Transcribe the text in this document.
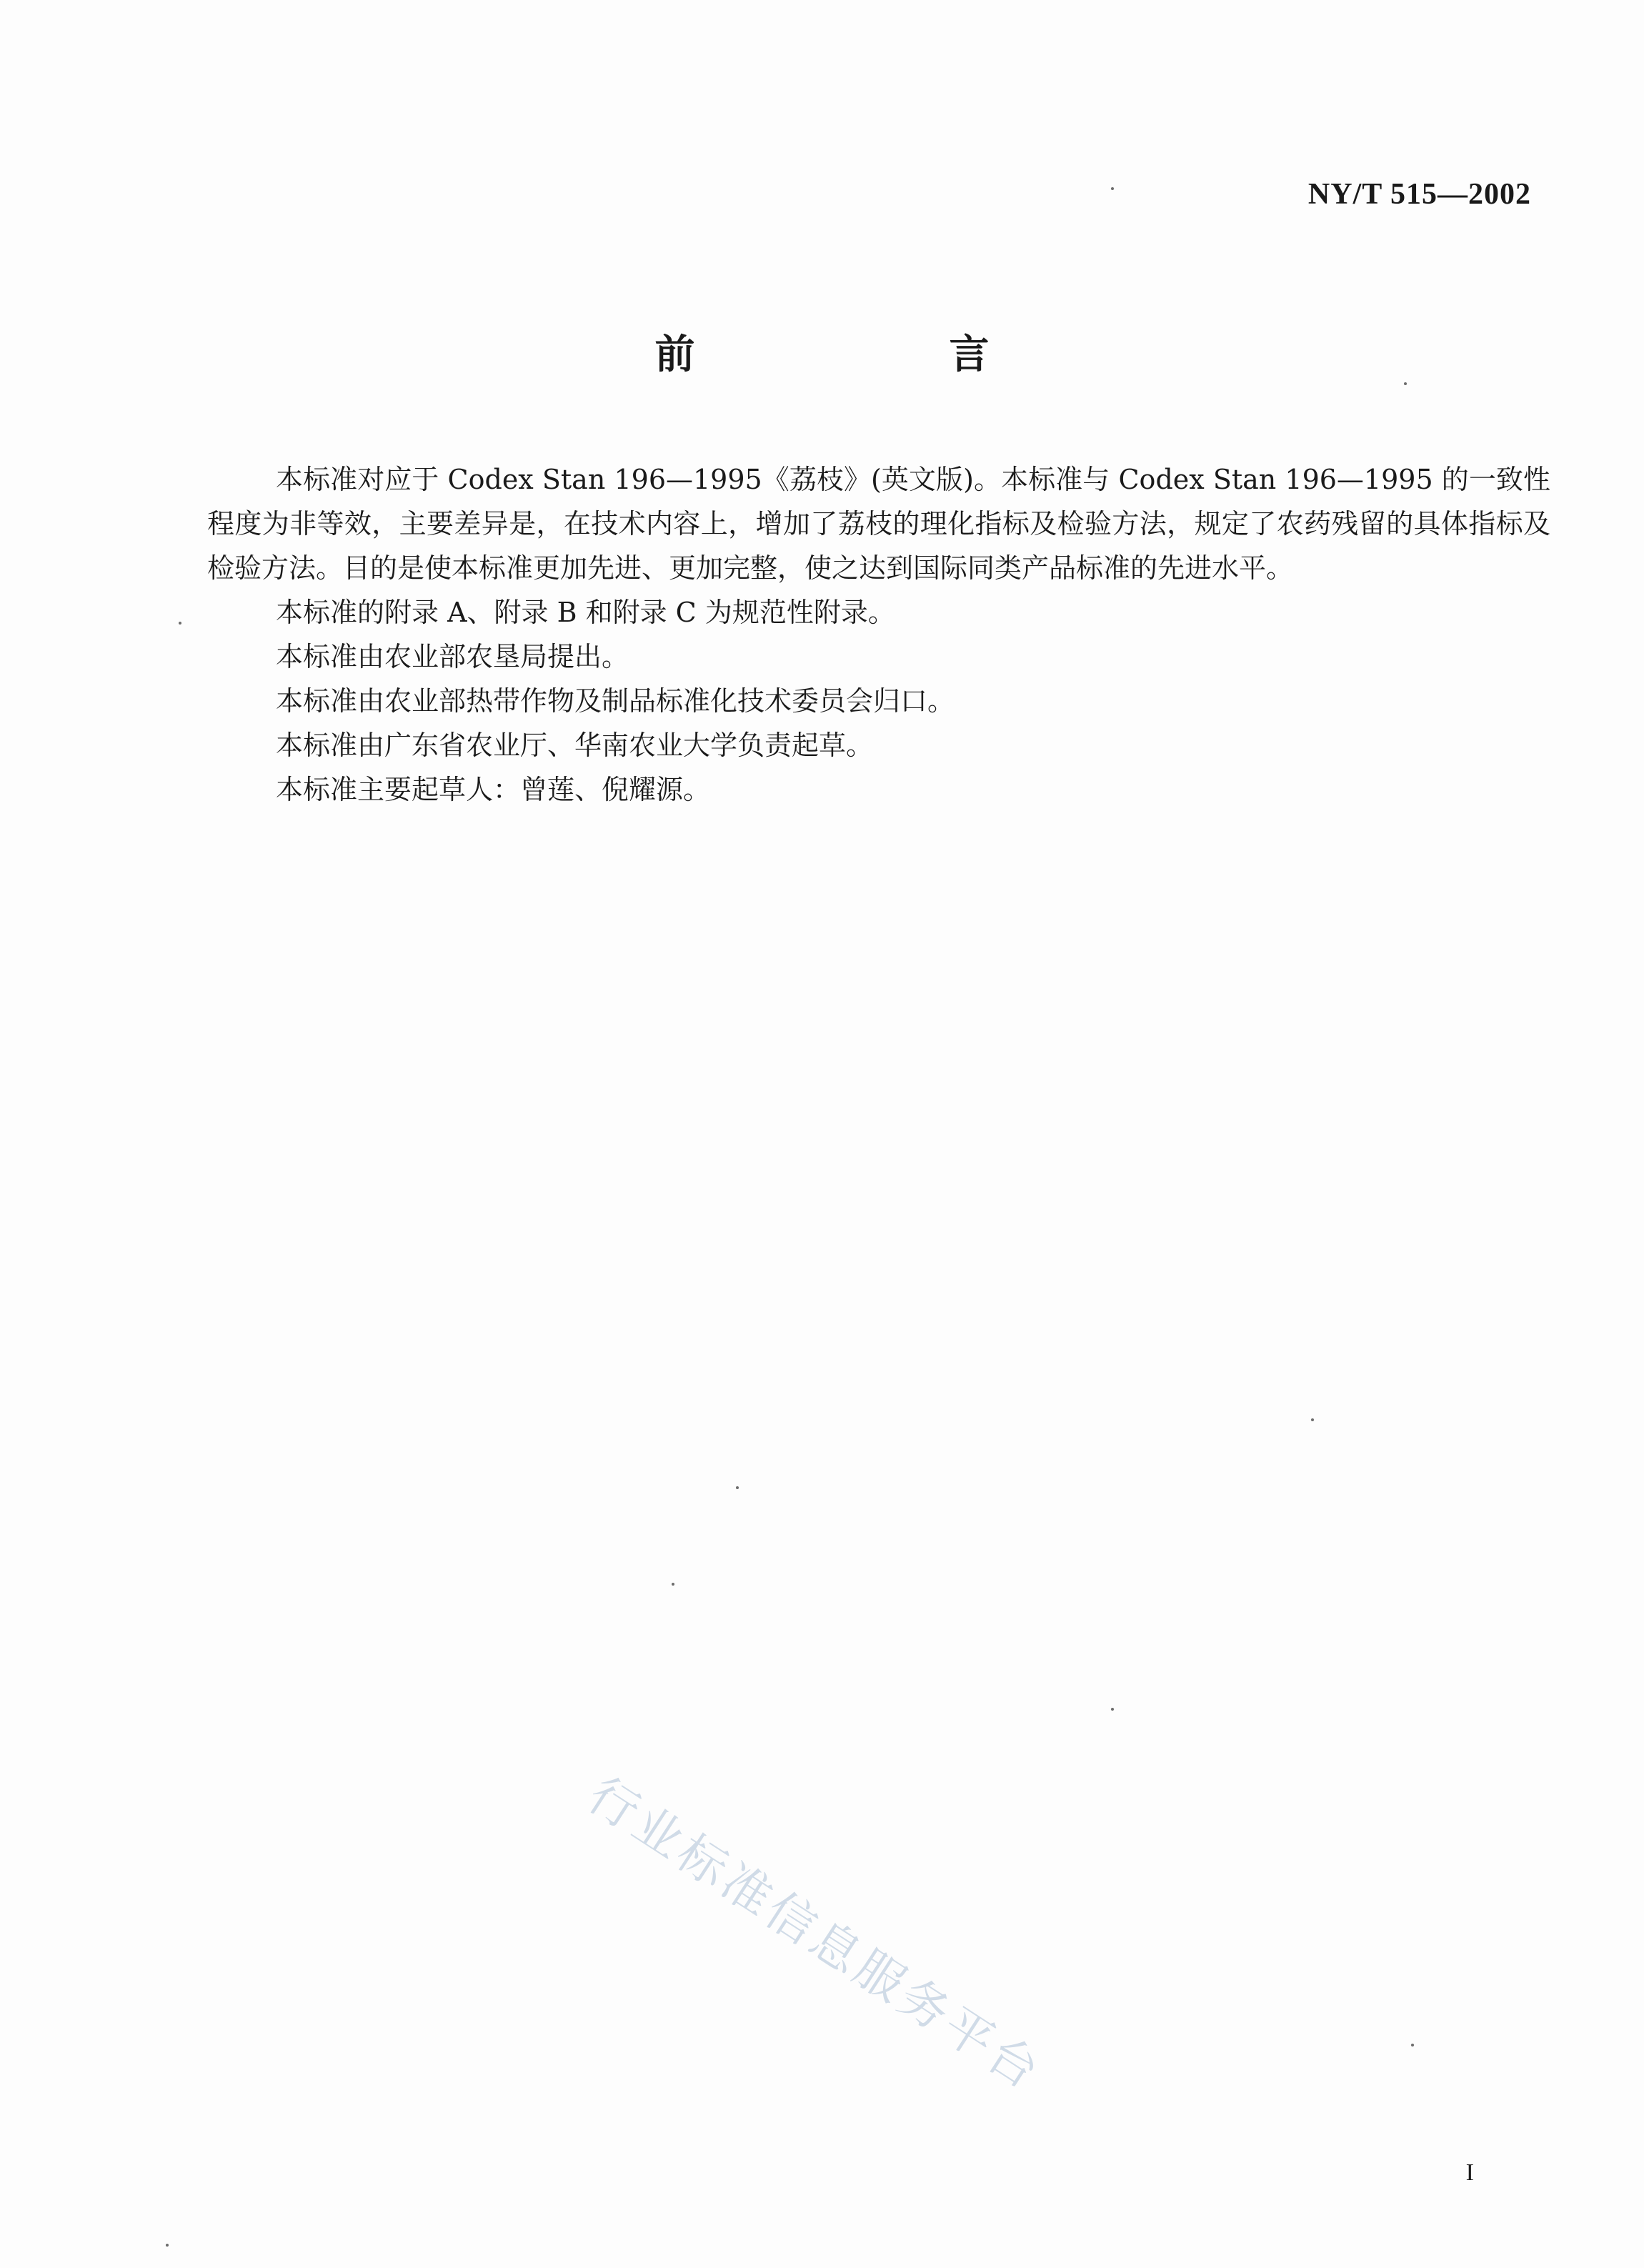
NY/T 515—2002
前　言

本标准对应于 Codex Stan 196—1995《荔枝》(英文版)。本标准与 Codex Stan 196—1995 的一致性程度为非等效，主要差异是，在技术内容上，增加了荔枝的理化指标及检验方法，规定了农药残留的具体指标及检验方法。目的是使本标准更加先进、更加完整，使之达到国际同类产品标准的先进水平。

本标准的附录 A、附录 B 和附录 C 为规范性附录。

本标准由农业部农垦局提出。

本标准由农业部热带作物及制品标准化技术委员会归口。

本标准由广东省农业厅、华南农业大学负责起草。

本标准主要起草人：曾莲、倪耀源。

行业标准信息服务平台
I
